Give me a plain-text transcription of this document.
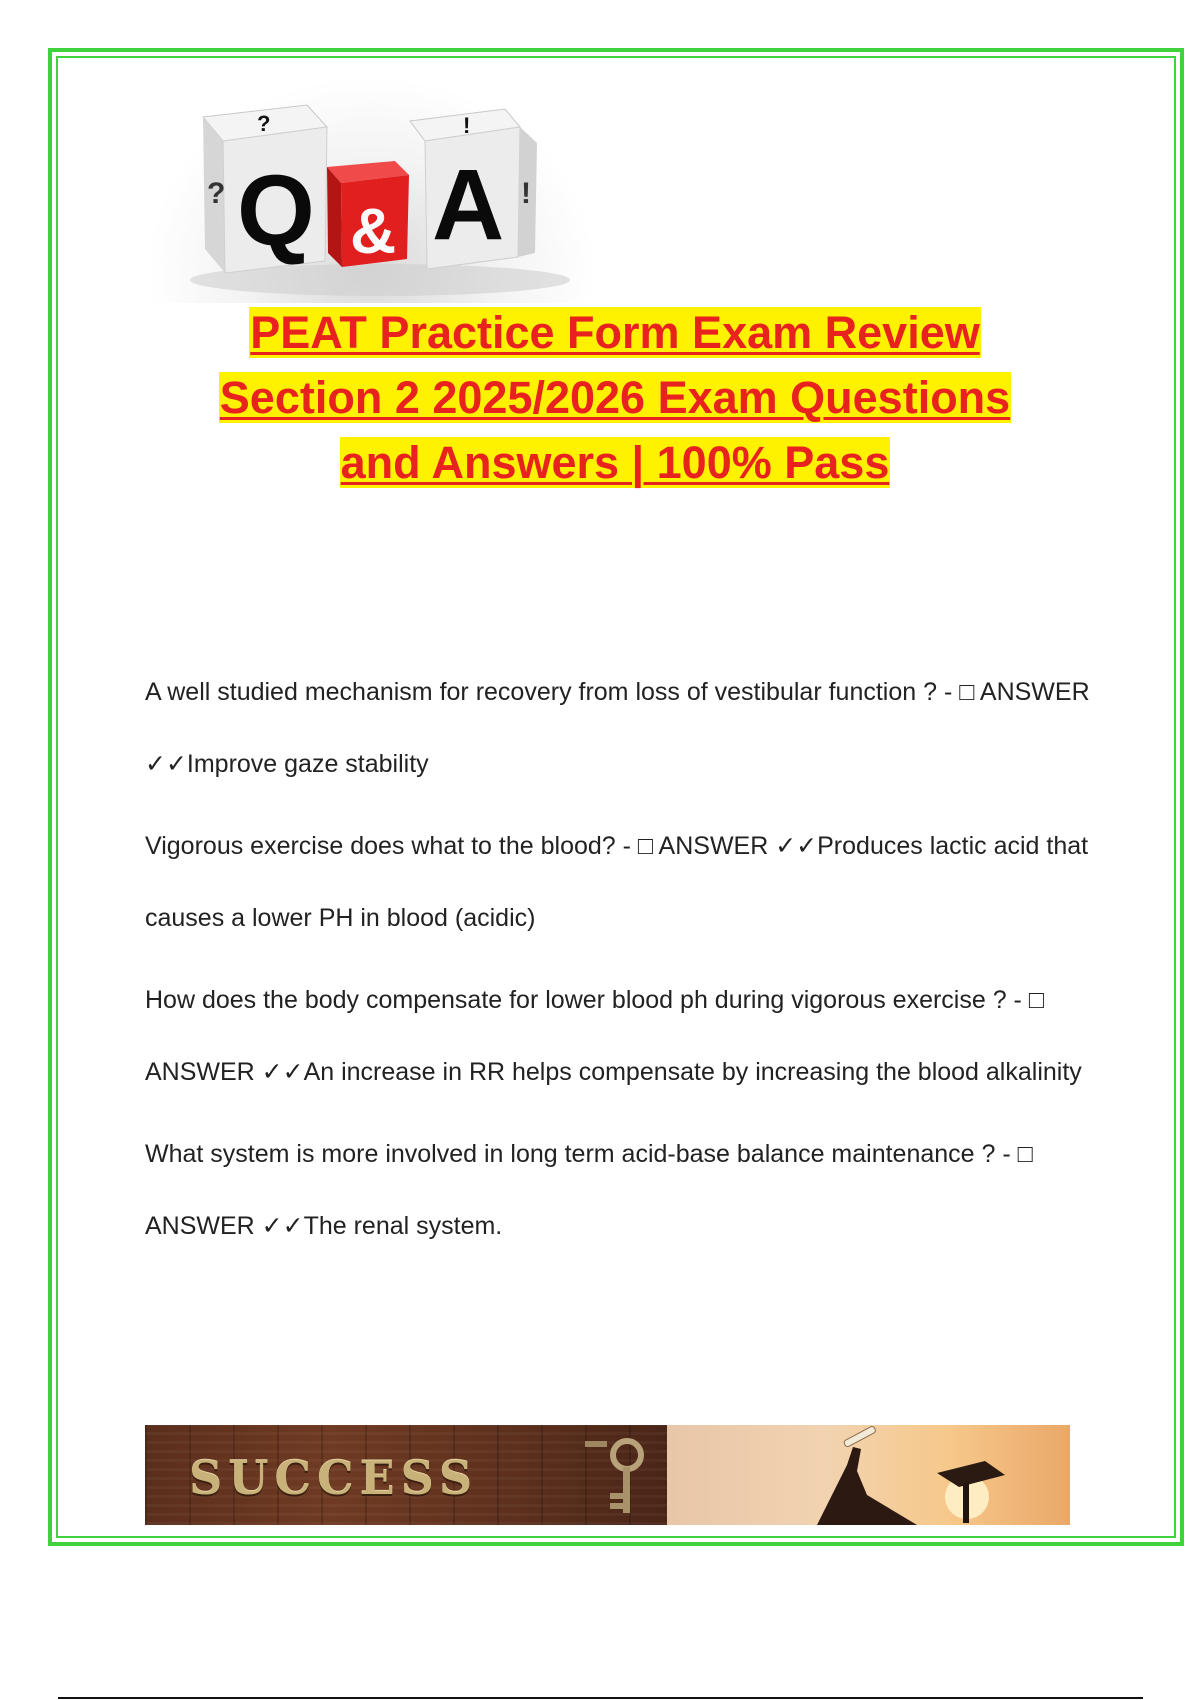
?
Q
?
&
!
A !
PEAT Practice Form Exam Review
Section 2 2025/2026 Exam Questions
and Answers | 100% Pass

A well studied mechanism for recovery from loss of vestibular function ? - □ ANSWER ✓✓Improve gaze stability

Vigorous exercise does what to the blood? - □ ANSWER ✓✓Produces lactic acid that causes a lower PH in blood (acidic)

How does the body compensate for lower blood ph during vigorous exercise ? - □ ANSWER ✓✓An increase in RR helps compensate by increasing the blood alkalinity

What system is more involved in long term acid-base balance maintenance ? - □ ANSWER ✓✓The renal system.

SUCCESS
